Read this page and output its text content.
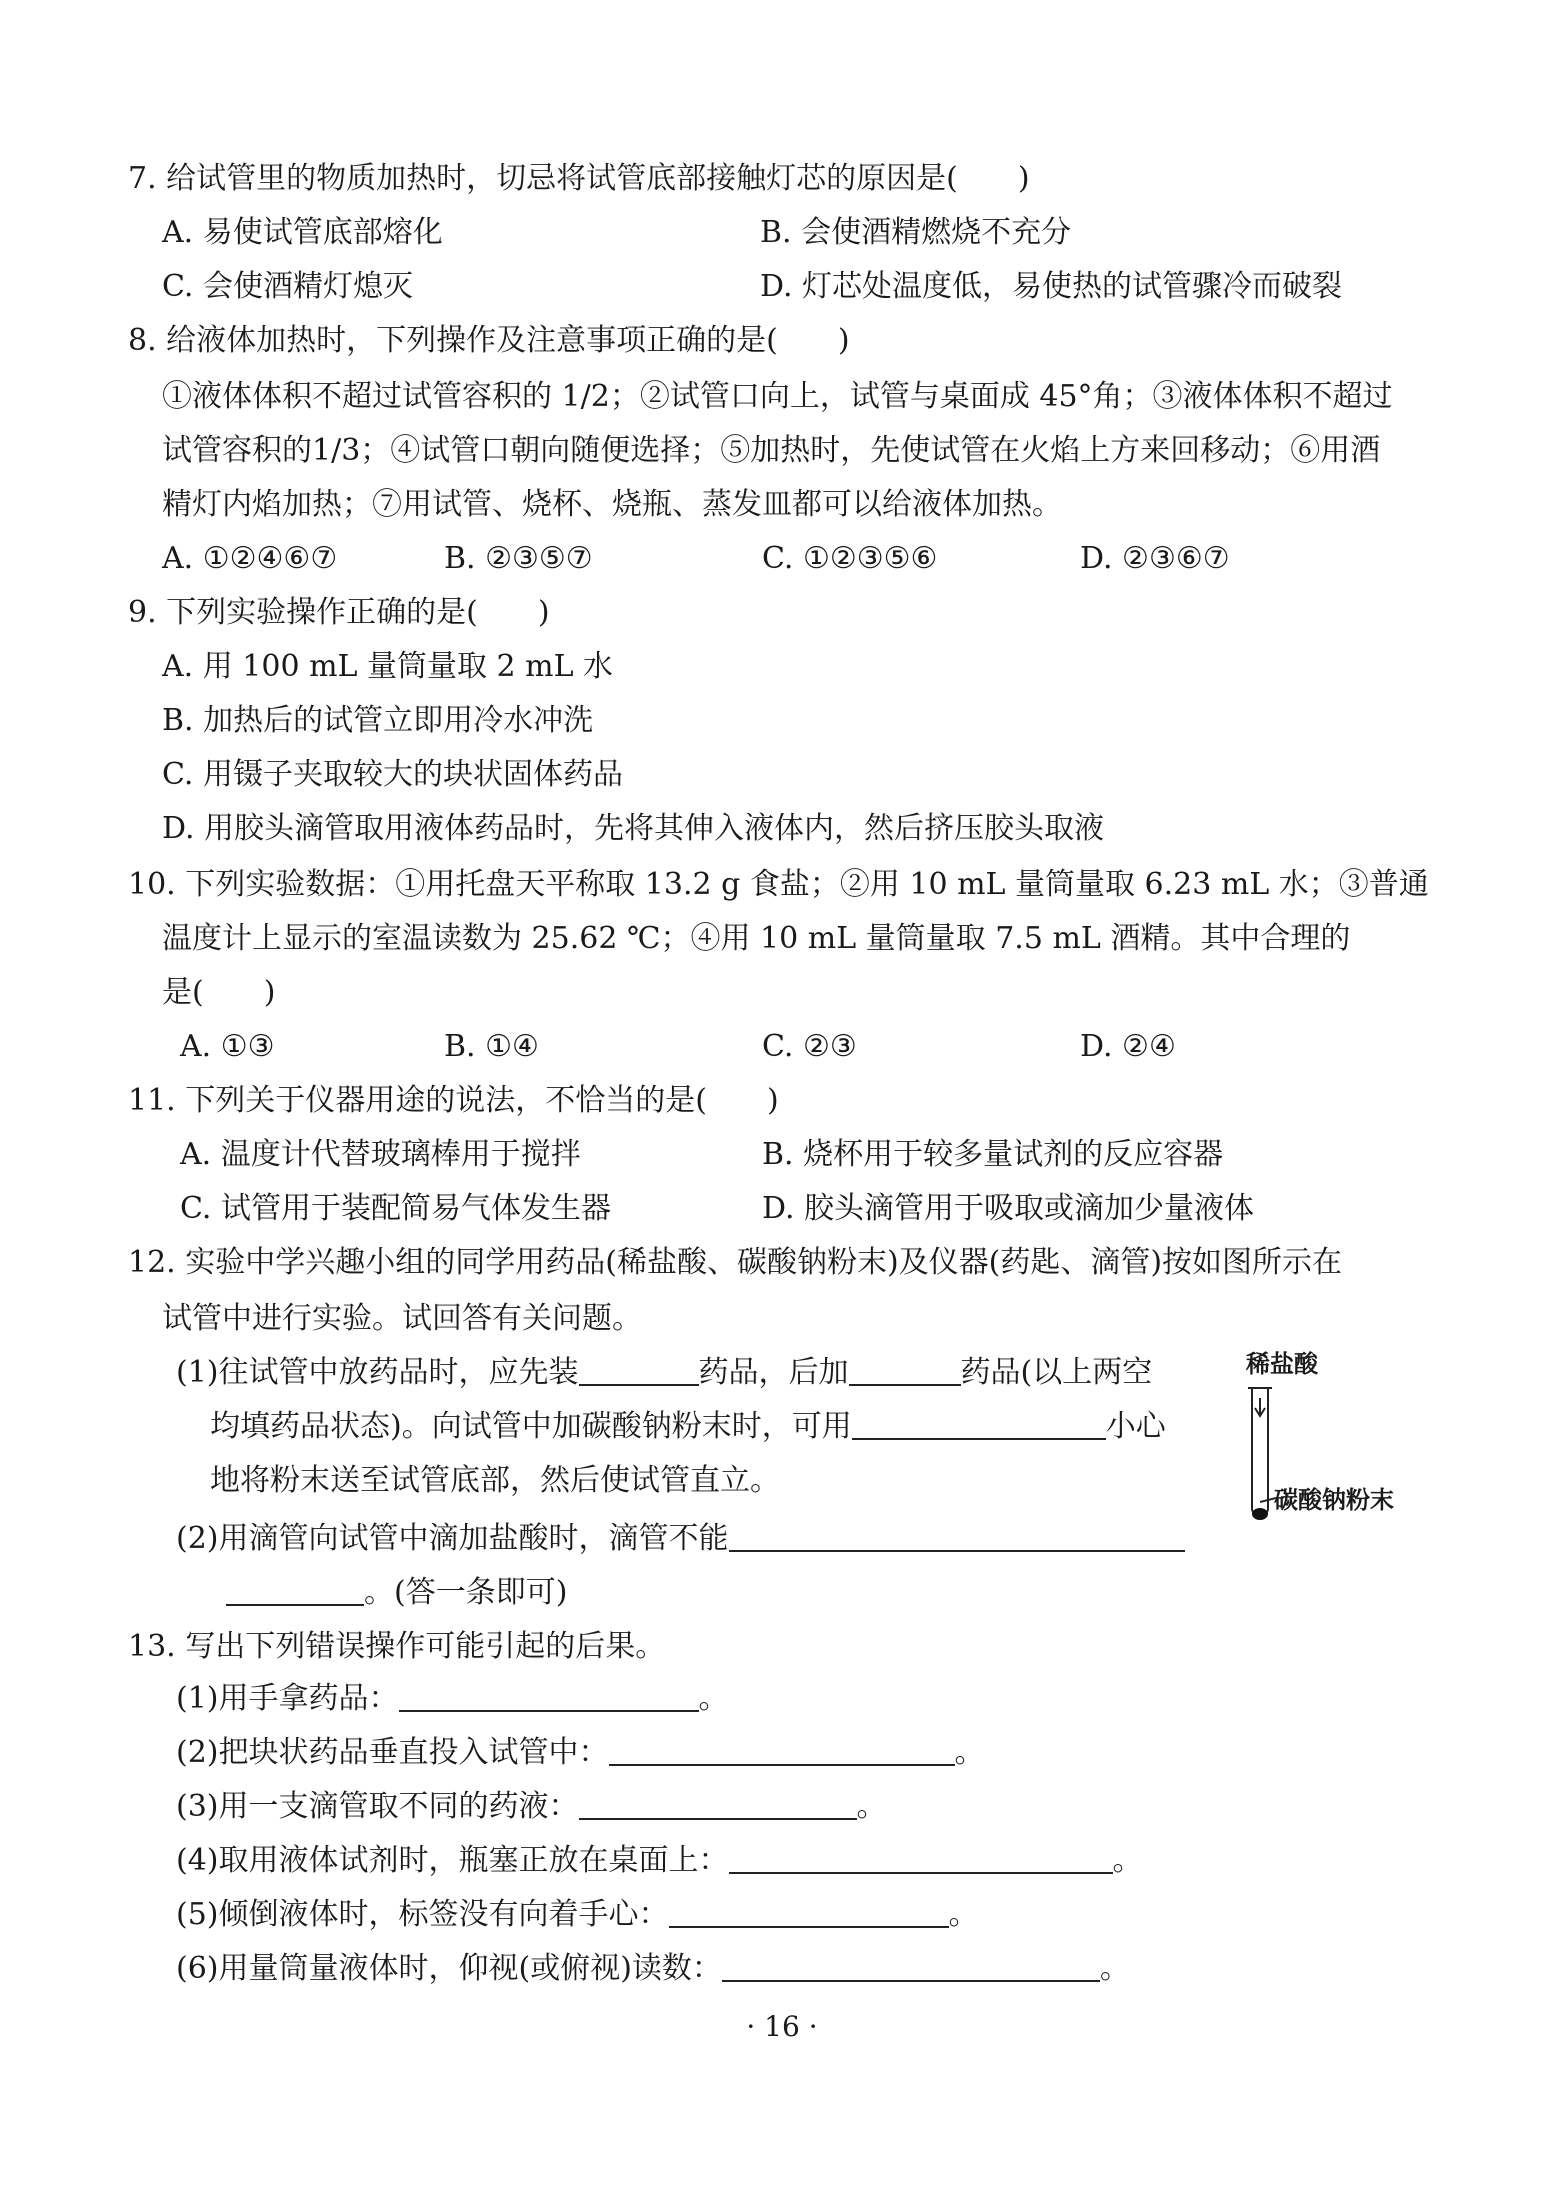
7. 给试管里的物质加热时，切忌将试管底部接触灯芯的原因是(　　)
A. 易使试管底部熔化	B. 会使酒精燃烧不充分
C. 会使酒精灯熄灭	D. 灯芯处温度低，易使热的试管骤冷而破裂
8. 给液体加热时，下列操作及注意事项正确的是(　　)
①液体体积不超过试管容积的 1/2；②试管口向上，试管与桌面成 45°角；③液体体积不超过
试管容积的1/3；④试管口朝向随便选择；⑤加热时，先使试管在火焰上方来回移动；⑥用酒
精灯内焰加热；⑦用试管、烧杯、烧瓶、蒸发皿都可以给液体加热。
A. ①②④⑥⑦	B. ②③⑤⑦	C. ①②③⑤⑥	D. ②③⑥⑦
9. 下列实验操作正确的是(　　)
A. 用 100 mL 量筒量取 2 mL 水
B. 加热后的试管立即用冷水冲洗
C. 用镊子夹取较大的块状固体药品
D. 用胶头滴管取用液体药品时，先将其伸入液体内，然后挤压胶头取液
10. 下列实验数据：①用托盘天平称取 13.2 g 食盐；②用 10 mL 量筒量取 6.23 mL 水；③普通
温度计上显示的室温读数为 25.62 ℃；④用 10 mL 量筒量取 7.5 mL 酒精。其中合理的
是(　　)
A. ①③	B. ①④	C. ②③	D. ②④
11. 下列关于仪器用途的说法，不恰当的是(　　)
A. 温度计代替玻璃棒用于搅拌	B. 烧杯用于较多量试剂的反应容器
C. 试管用于装配简易气体发生器	D. 胶头滴管用于吸取或滴加少量液体
12. 实验中学兴趣小组的同学用药品(稀盐酸、碳酸钠粉末)及仪器(药匙、滴管)按如图所示在
试管中进行实验。试回答有关问题。
(1)往试管中放药品时，应先装	药品，后加	药品(以上两空
均填药品状态)。向试管中加碳酸钠粉末时，可用	小心
地将粉末送至试管底部，然后使试管直立。
(2)用滴管向试管中滴加盐酸时，滴管不能
。(答一条即可)
稀盐酸
碳酸钠粉末
13. 写出下列错误操作可能引起的后果。
(1)用手拿药品：	。
(2)把块状药品垂直投入试管中：	。
(3)用一支滴管取不同的药液：	。
(4)取用液体试剂时，瓶塞正放在桌面上：	。
(5)倾倒液体时，标签没有向着手心：	。
(6)用量筒量液体时，仰视(或俯视)读数：	。
· 16 ·
